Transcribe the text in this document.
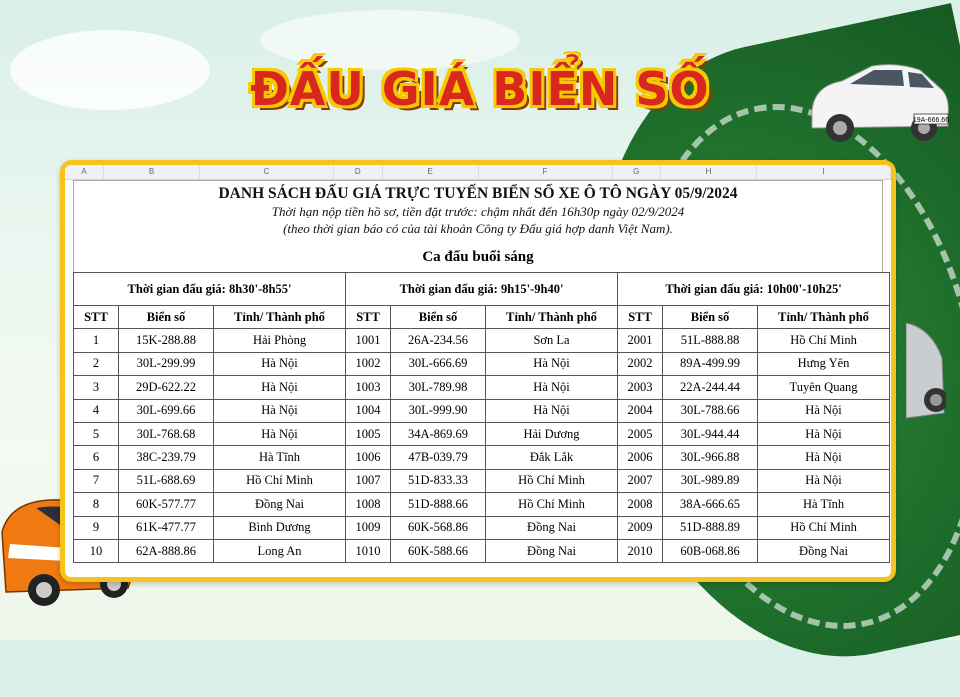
ĐẤU GIÁ BIỂN SỐ
19A-666.66
A	B	C	D	E	F	G	H	I
DANH SÁCH ĐẤU GIÁ TRỰC TUYẾN BIỂN SỐ XE Ô TÔ NGÀY 05/9/2024
Thời hạn nộp tiền hồ sơ, tiền đặt trước: chậm nhất đến 16h30p ngày 02/9/2024
(theo thời gian báo có của tài khoản Công ty Đấu giá hợp danh Việt Nam).
Ca đấu buổi sáng
Thời gian đấu giá: 8h30'-8h55'			Thời gian đấu giá: 9h15'-9h40'			Thời gian đấu giá: 10h00'-10h25'		
STT	Biển số	Tỉnh/ Thành phố	STT	Biển số	Tỉnh/ Thành phố	STT	Biển số	Tỉnh/ Thành phố
1	15K-288.88	Hải Phòng	1001	26A-234.56	Sơn La	2001	51L-888.88	Hồ Chí Minh
2	30L-299.99	Hà Nội	1002	30L-666.69	Hà Nội	2002	89A-499.99	Hưng Yên
3	29D-622.22	Hà Nội	1003	30L-789.98	Hà Nội	2003	22A-244.44	Tuyên Quang
4	30L-699.66	Hà Nội	1004	30L-999.90	Hà Nội	2004	30L-788.66	Hà Nội
5	30L-768.68	Hà Nội	1005	34A-869.69	Hải Dương	2005	30L-944.44	Hà Nội
6	38C-239.79	Hà Tĩnh	1006	47B-039.79	Đắk Lắk	2006	30L-966.88	Hà Nội
7	51L-688.69	Hồ Chí Minh	1007	51D-833.33	Hồ Chí Minh	2007	30L-989.89	Hà Nội
8	60K-577.77	Đồng Nai	1008	51D-888.66	Hồ Chí Minh	2008	38A-666.65	Hà Tĩnh
9	61K-477.77	Bình Dương	1009	60K-568.86	Đồng Nai	2009	51D-888.89	Hồ Chí Minh
10	62A-888.86	Long An	1010	60K-588.66	Đồng Nai	2010	60B-068.86	Đồng Nai
